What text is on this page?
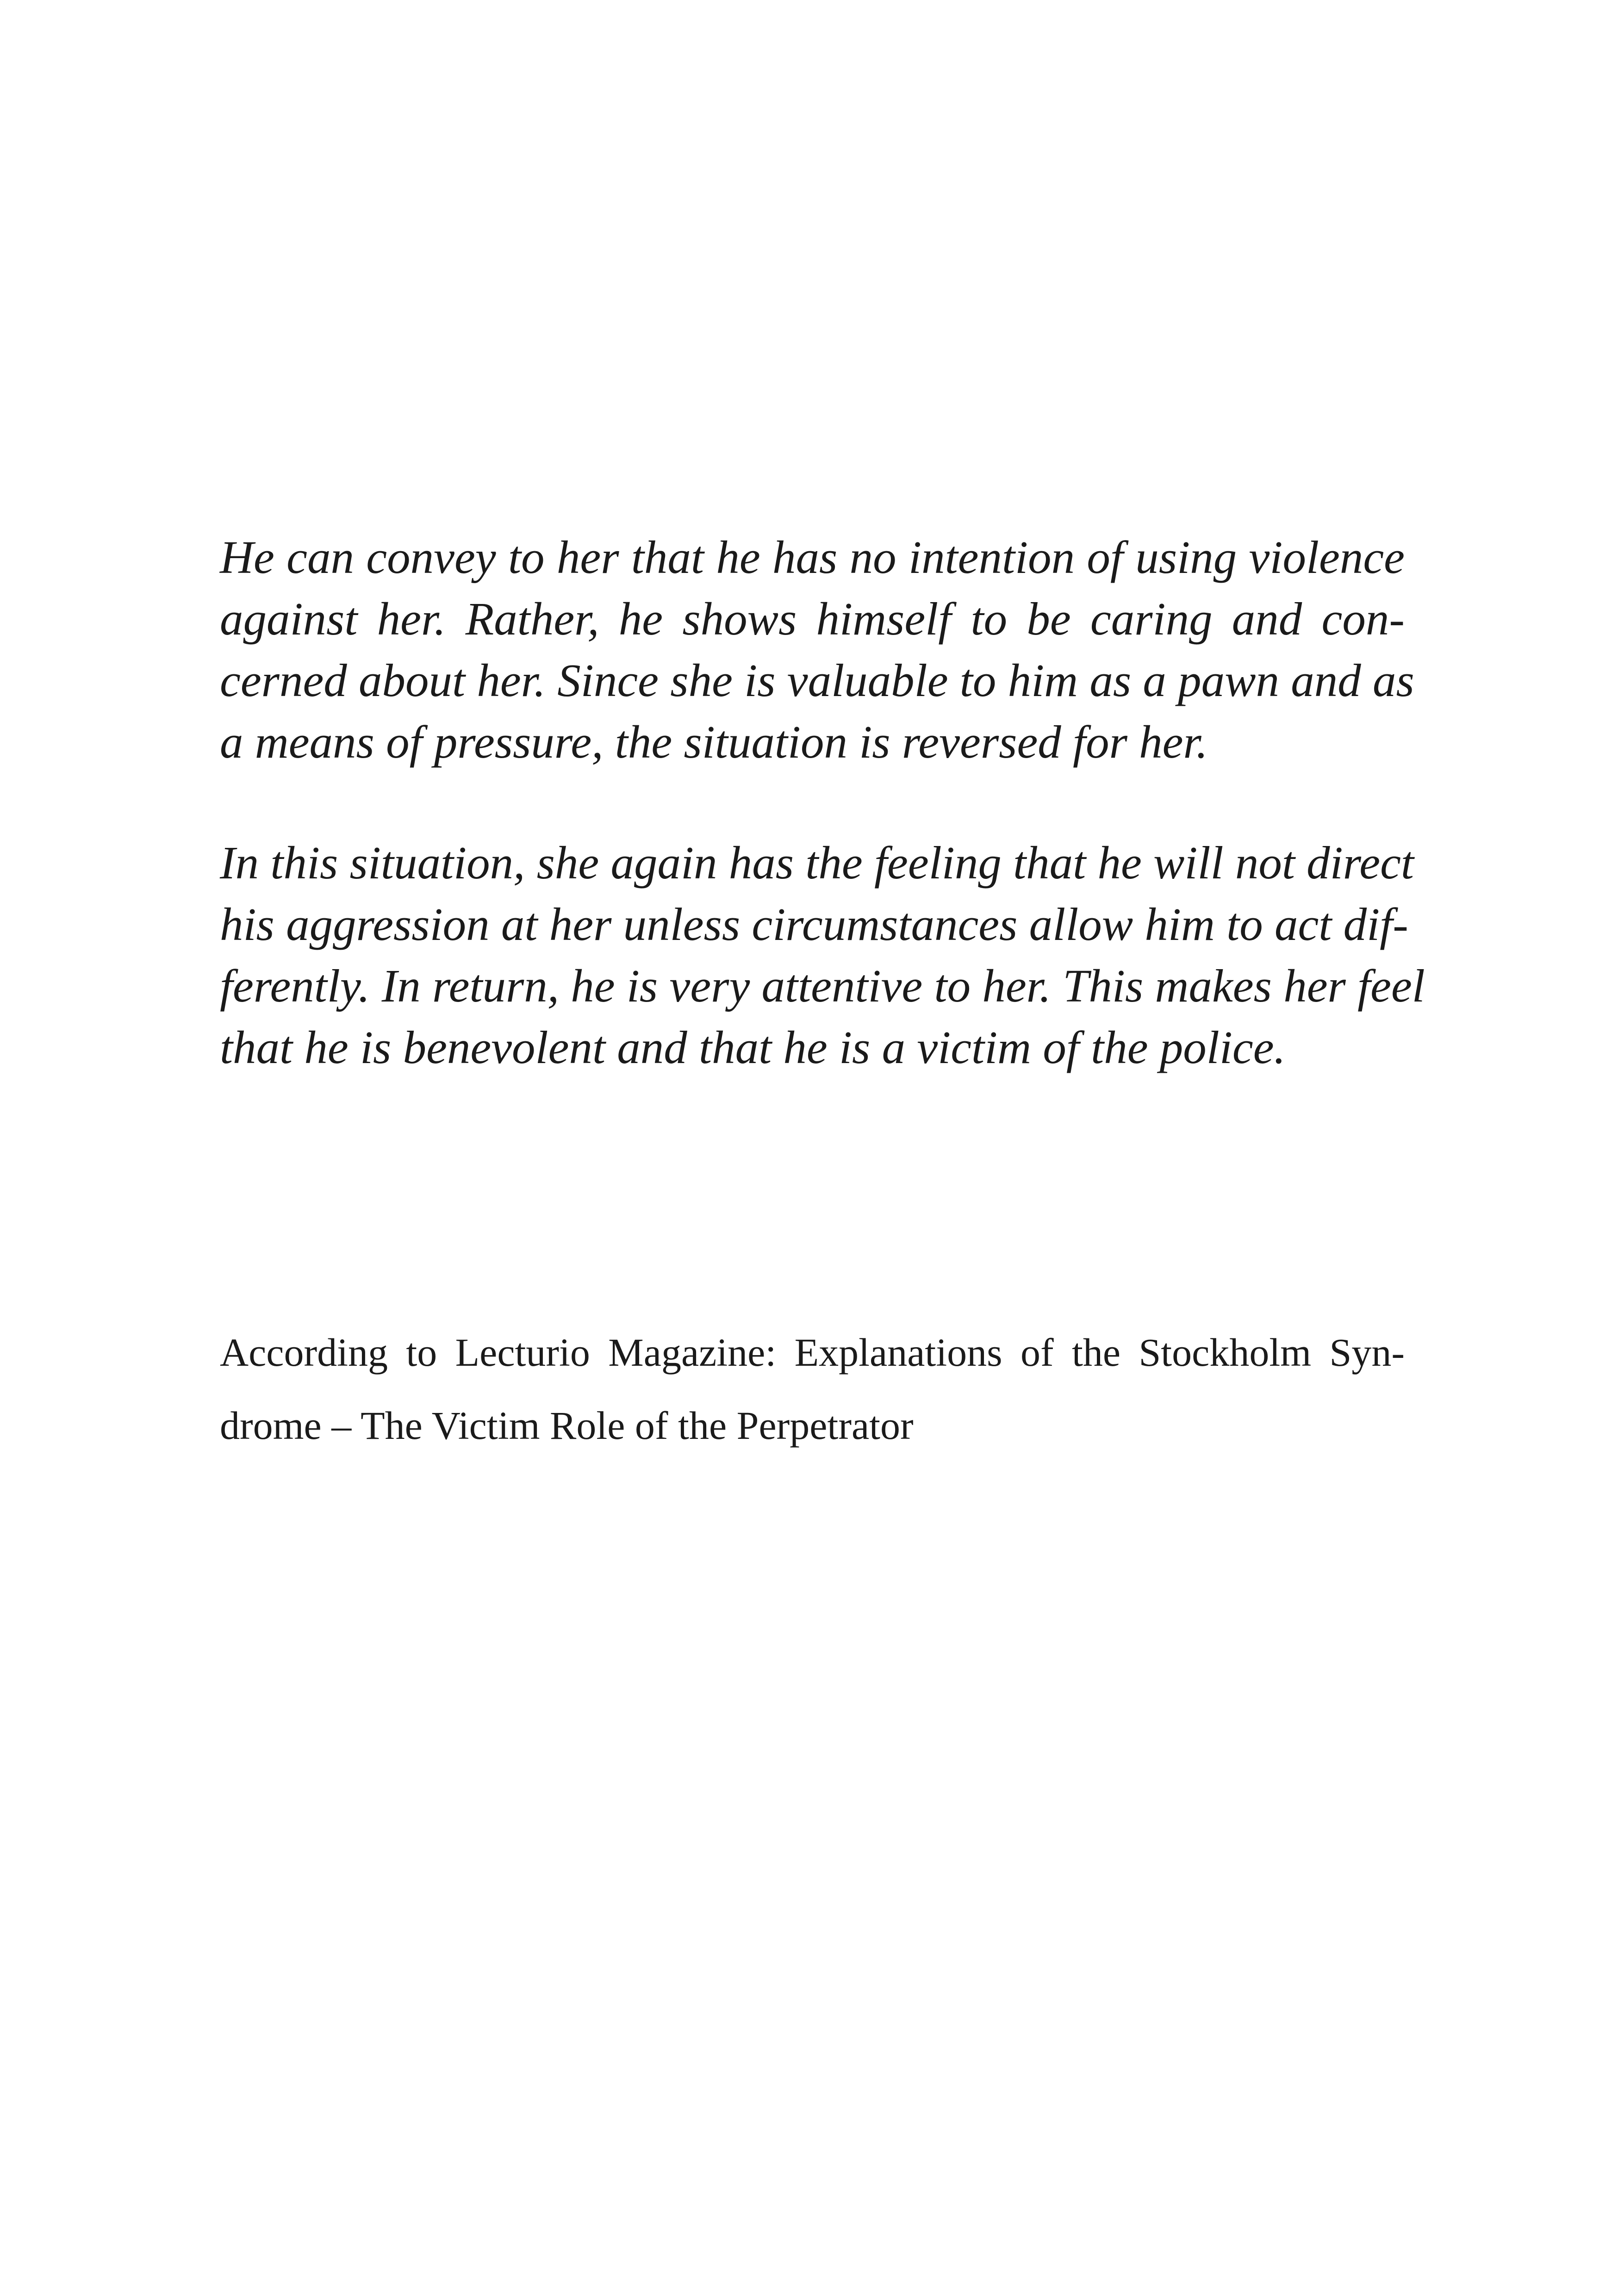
He can convey to her that he has no intention of using violence
against her. Rather, he shows himself to be caring and con-
cerned about her. Since she is valuable to him as a pawn and as
a means of pressure, the situation is reversed for her.
In this situation, she again has the feeling that he will not direct
his aggression at her unless circumstances allow him to act dif-
ferently. In return, he is very attentive to her. This makes her feel
that he is benevolent and that he is a victim of the police.
According to Lecturio Magazine: Explanations of the Stockholm Syn-
drome – The Victim Role of the Perpetrator
